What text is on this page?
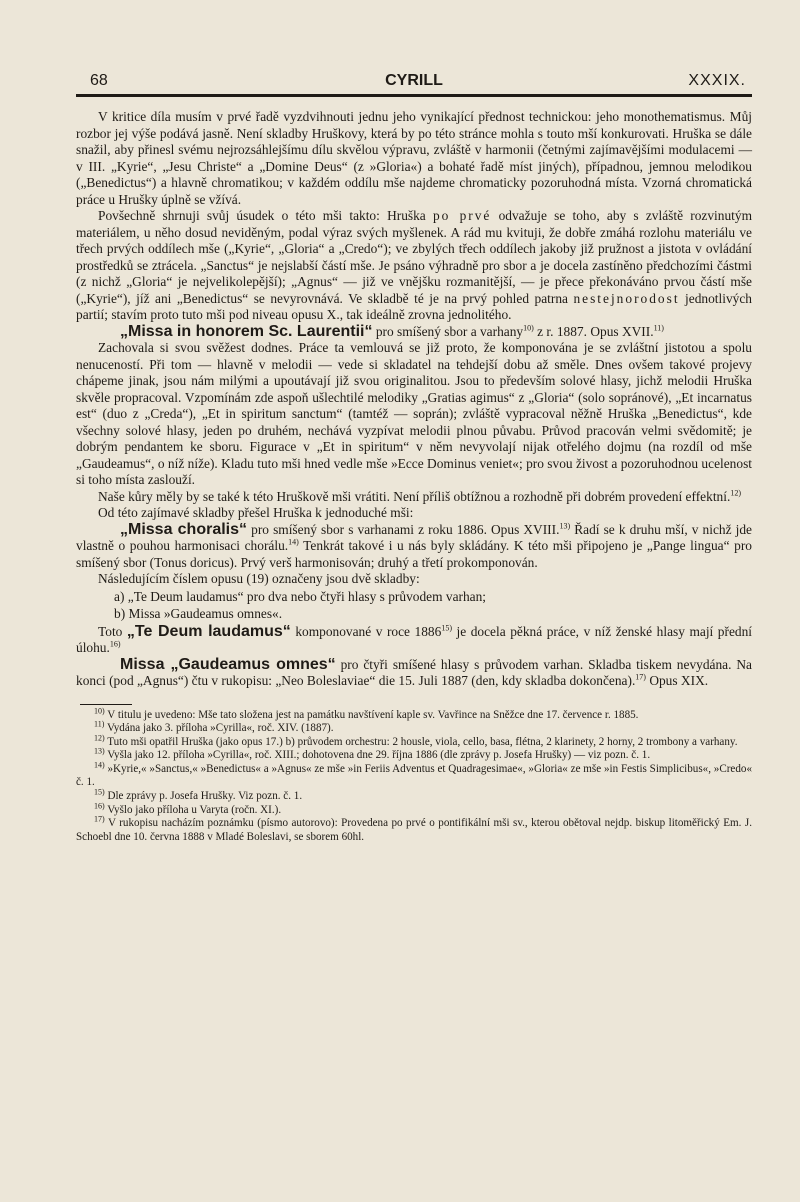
68	CYRILL	XXXIX.

V kritice díla musím v prvé řadě vyzdvihnouti jednu jeho vynikající přednost technickou: jeho monothematismus. Můj rozbor jej výše podává jasně. Není skladby Hruškovy, která by po této stránce mohla s touto mší konkurovati. Hruška se dále snažil, aby přinesl svému nejrozsáhlejšímu dílu skvělou výpravu, zvláště v harmonii (četnými zajímavějšími modulacemi — v III. „Kyrie“, „Jesu Christe“ a „Domine Deus“ (z »Gloria«) a bohaté řadě míst jiných), případnou, jemnou melodikou („Benedictus“) a hlavně chromatikou; v každém oddílu mše najdeme chromaticky pozoruhodná místa. Vzorná chromatická práce u Hrušky úplně se vžívá.

Povšechně shrnuji svůj úsudek o této mši takto: Hruška po prvé odvažuje se toho, aby s zvláště rozvinutým materiálem, u něho dosud neviděným, podal výraz svých myšlenek. A rád mu kvituji, že dobře zmáhá rozlohu materiálu ve třech prvých oddílech mše („Kyrie“, „Gloria“ a „Credo“); ve zbylých třech oddílech jakoby již pružnost a jistota v ovládání prostředků se ztrácela. „Sanctus“ je nejslabší částí mše. Je psáno výhradně pro sbor a je docela zastíněno předchozími částmi (z nichž „Gloria“ je nejvelikolepější); „Agnus“ — již ve vnějšku rozmanitější, — je přece překonáváno prvou částí mše („Kyrie“), jíž ani „Benedictus“ se nevyrovnává. Ve skladbě té je na prvý pohled patrna nestejnorodost jednotlivých partií; stavím proto tuto mši pod niveau opusu X., tak ideálně zrovna jednolitého.

„Missa in honorem Sc. Laurentii“ pro smíšený sbor a varhany$^{10)}$ z r. 1887. Opus XVII.$^{11)}$

Zachovala si svou svěžest dodnes. Práce ta vemlouvá se již proto, že komponována je se zvláštní jistotou a spolu nenuceností. Při tom — hlavně v melodii — vede si skladatel na tehdejší dobu až směle. Dnes ovšem takové projevy chápeme jinak, jsou nám milými a upoutávají již svou originalitou. Jsou to především solové hlasy, jichž melodii Hruška skvěle propracoval. Vzpomínám zde aspoň ušlechtilé melodiky „Gratias agimus“ z „Gloria“ (solo sopránové), „Et incarnatus est“ (duo z „Creda“), „Et in spiritum sanctum“ (tamtéž — soprán); zvláště vypracoval něžně Hruška „Benedictus“, kde všechny solové hlasy, jeden po druhém, nechává vyzpívat melodii plnou půvabu. Průvod pracován velmi svědomitě; je dobrým pendantem ke sboru. Figurace v „Et in spiritum“ v něm nevyvolají nijak otřelého dojmu (na rozdíl od mše „Gaudeamus“, o níž níže). Kladu tuto mši hned vedle mše »Ecce Dominus veniet«; pro svou živost a pozoruhodnou ucelenost si toho místa zaslouží.

Naše kůry měly by se také k této Hruškově mši vrátiti. Není příliš obtížnou a rozhodně při dobrém provedení effektní.$^{12)}$

Od této zajímavé skladby přešel Hruška k jednoduché mši:

„Missa choralis“ pro smíšený sbor s varhanami z roku 1886. Opus XVIII.$^{13)}$ Řadí se k druhu mší, v nichž jde vlastně o pouhou harmonisaci chorálu.$^{14)}$ Tenkrát takové i u nás byly skládány. K této mši připojeno je „Pange lingua“ pro smíšený sbor (Tonus doricus). Prvý verš harmonisován; druhý a třetí prokomponován.

Následujícím číslem opusu (19) označeny jsou dvě skladby:

a) „Te Deum laudamus“ pro dva nebo čtyři hlasy s průvodem varhan;
b) Missa »Gaudeamus omnes«.

Toto „Te Deum laudamus“ komponované v roce 1886$^{15)}$ je docela pěkná práce, v níž ženské hlasy mají přední úlohu.$^{16)}$

Missa „Gaudeamus omnes“ pro čtyři smíšené hlasy s průvodem varhan. Skladba tiskem nevydána. Na konci (pod „Agnus“) čtu v rukopisu: „Neo Boleslaviae“ die 15. Juli 1887 (den, kdy skladba dokončena).$^{17)}$ Opus XIX.

$^{10)}$ V titulu je uvedeno: Mše tato složena jest na památku navštívení kaple sv. Vavřince na Sněžce dne 17. července r. 1885.

$^{11)}$ Vydána jako 3. příloha »Cyrilla«, roč. XIV. (1887).

$^{12)}$ Tuto mši opatřil Hruška (jako opus 17.) b) průvodem orchestru: 2 housle, viola, cello, basa, flétna, 2 klarinety, 2 horny, 2 trombony a varhany.

$^{13)}$ Vyšla jako 12. příloha »Cyrilla«, roč. XIII.; dohotovena dne 29. října 1886 (dle zprávy p. Josefa Hrušky) — viz pozn. č. 1.

$^{14)}$ »Kyrie,« »Sanctus,« »Benedictus« a »Agnus« ze mše »in Feriis Adventus et Quadragesimae«, »Gloria« ze mše »in Festis Simplicibus«, »Credo« č. 1.

$^{15)}$ Dle zprávy p. Josefa Hrušky. Viz pozn. č. 1.

$^{16)}$ Vyšlo jako příloha u Varyta (ročn. XI.).

$^{17)}$ V rukopisu nacházím poznámku (písmo autorovo): Provedena po prvé o pontifikální mši sv., kterou obětoval nejdp. biskup litoměřický Em. J. Schoebl dne 10. června 1888 v Mladé Boleslavi, se sborem 60hl.
